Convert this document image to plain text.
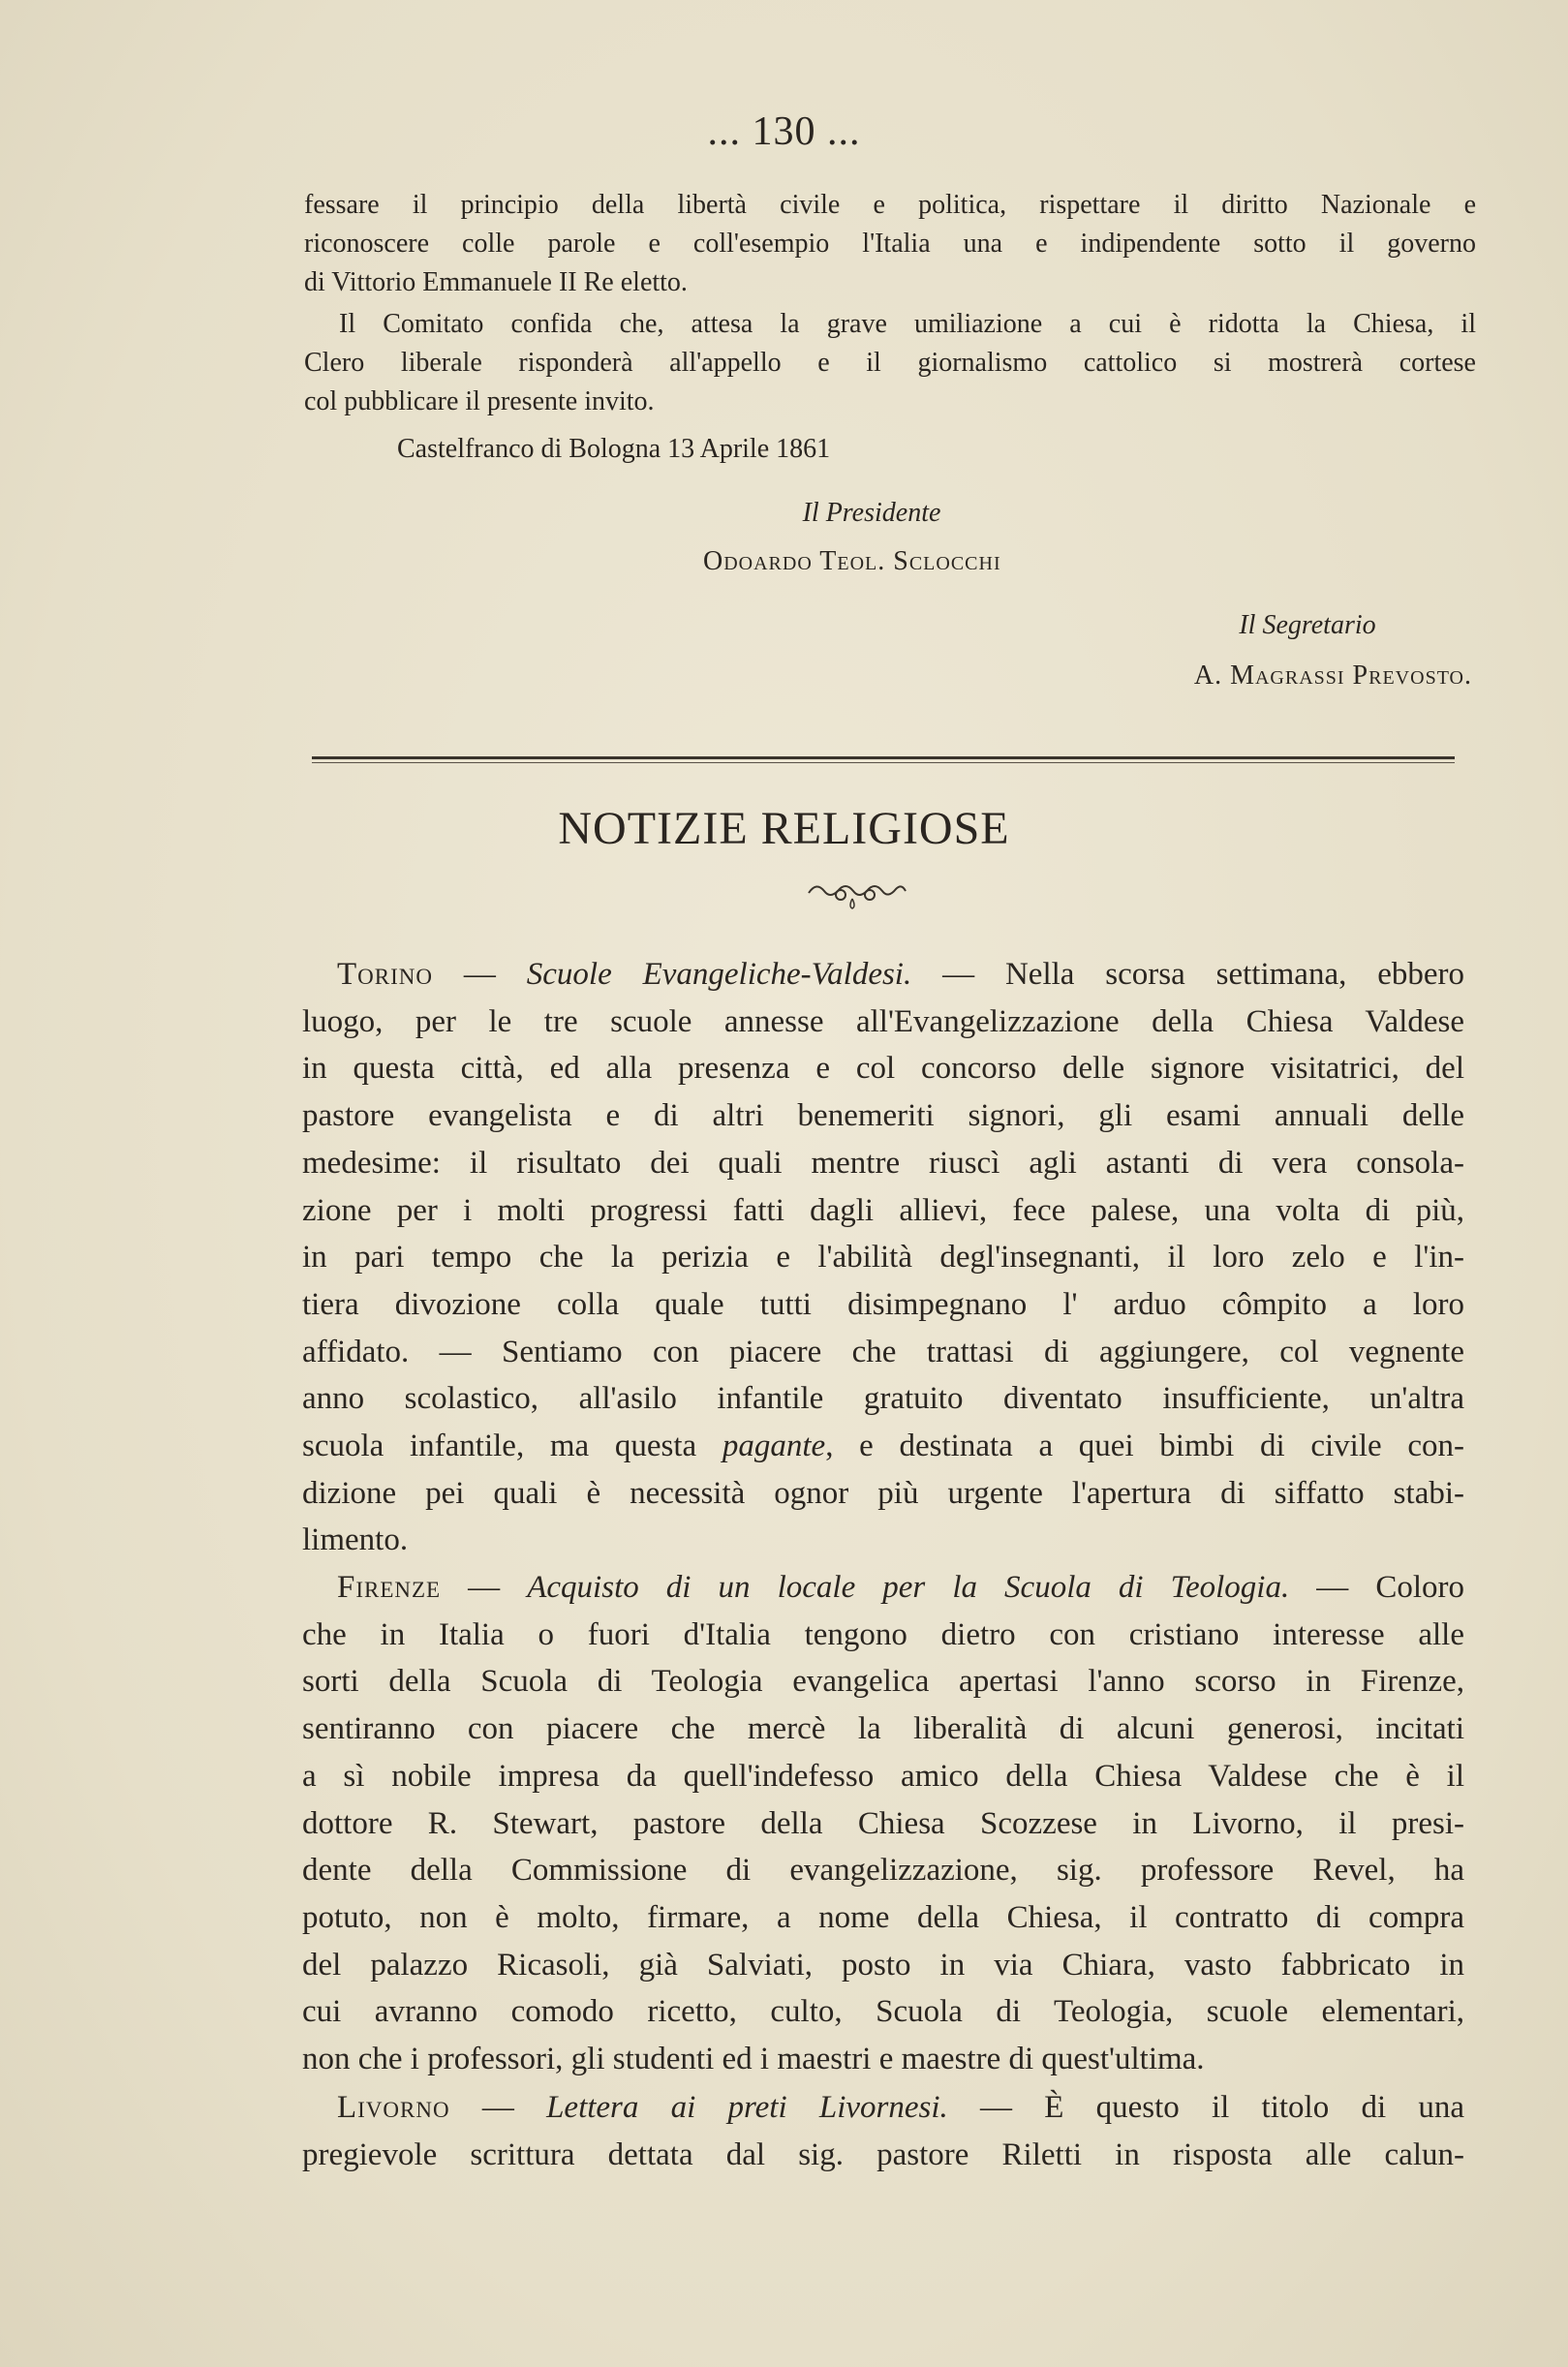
... 130 ...
fessare il principio della libertà civile e politica, rispettare il diritto Nazionale e
riconoscere colle parole e coll'esempio l'Italia una e indipendente sotto il governo
di Vittorio Emmanuele II Re eletto.
Il Comitato confida che, attesa la grave umiliazione a cui è ridotta la Chiesa, il
Clero liberale risponderà all'appello e il giornalismo cattolico si mostrerà cortese
col pubblicare il presente invito.
Castelfranco di Bologna 13 Aprile 1861
Il Presidente
Odoardo Teol. Sclocchi
Il Segretario
A. Magrassi Prevosto.
NOTIZIE RELIGIOSE
Torino — Scuole Evangeliche-Valdesi. — Nella scorsa settimana, ebbero
luogo, per le tre scuole annesse all'Evangelizzazione della Chiesa Valdese
in questa città, ed alla presenza e col concorso delle signore visitatrici, del
pastore evangelista e di altri benemeriti signori, gli esami annuali delle
medesime: il risultato dei quali mentre riuscì agli astanti di vera consola-
zione per i molti progressi fatti dagli allievi, fece palese, una volta di più,
in pari tempo che la perizia e l'abilità degl'insegnanti, il loro zelo e l'in-
tiera divozione colla quale tutti disimpegnano l' arduo cômpito a loro
affidato. — Sentiamo con piacere che trattasi di aggiungere, col vegnente
anno scolastico, all'asilo infantile gratuito diventato insufficiente, un'altra
scuola infantile, ma questa pagante, e destinata a quei bimbi di civile con-
dizione pei quali è necessità ognor più urgente l'apertura di siffatto stabi-
limento.
Firenze — Acquisto di un locale per la Scuola di Teologia. — Coloro
che in Italia o fuori d'Italia tengono dietro con cristiano interesse alle
sorti della Scuola di Teologia evangelica apertasi l'anno scorso in Firenze,
sentiranno con piacere che mercè la liberalità di alcuni generosi, incitati
a sì nobile impresa da quell'indefesso amico della Chiesa Valdese che è il
dottore R. Stewart, pastore della Chiesa Scozzese in Livorno, il presi-
dente della Commissione di evangelizzazione, sig. professore Revel, ha
potuto, non è molto, firmare, a nome della Chiesa, il contratto di compra
del palazzo Ricasoli, già Salviati, posto in via Chiara, vasto fabbricato in
cui avranno comodo ricetto, culto, Scuola di Teologia, scuole elementari,
non che i professori, gli studenti ed i maestri e maestre di quest'ultima.
Livorno — Lettera ai preti Livornesi. — È questo il titolo di una
pregievole scrittura dettata dal sig. pastore Riletti in risposta alle calun-
